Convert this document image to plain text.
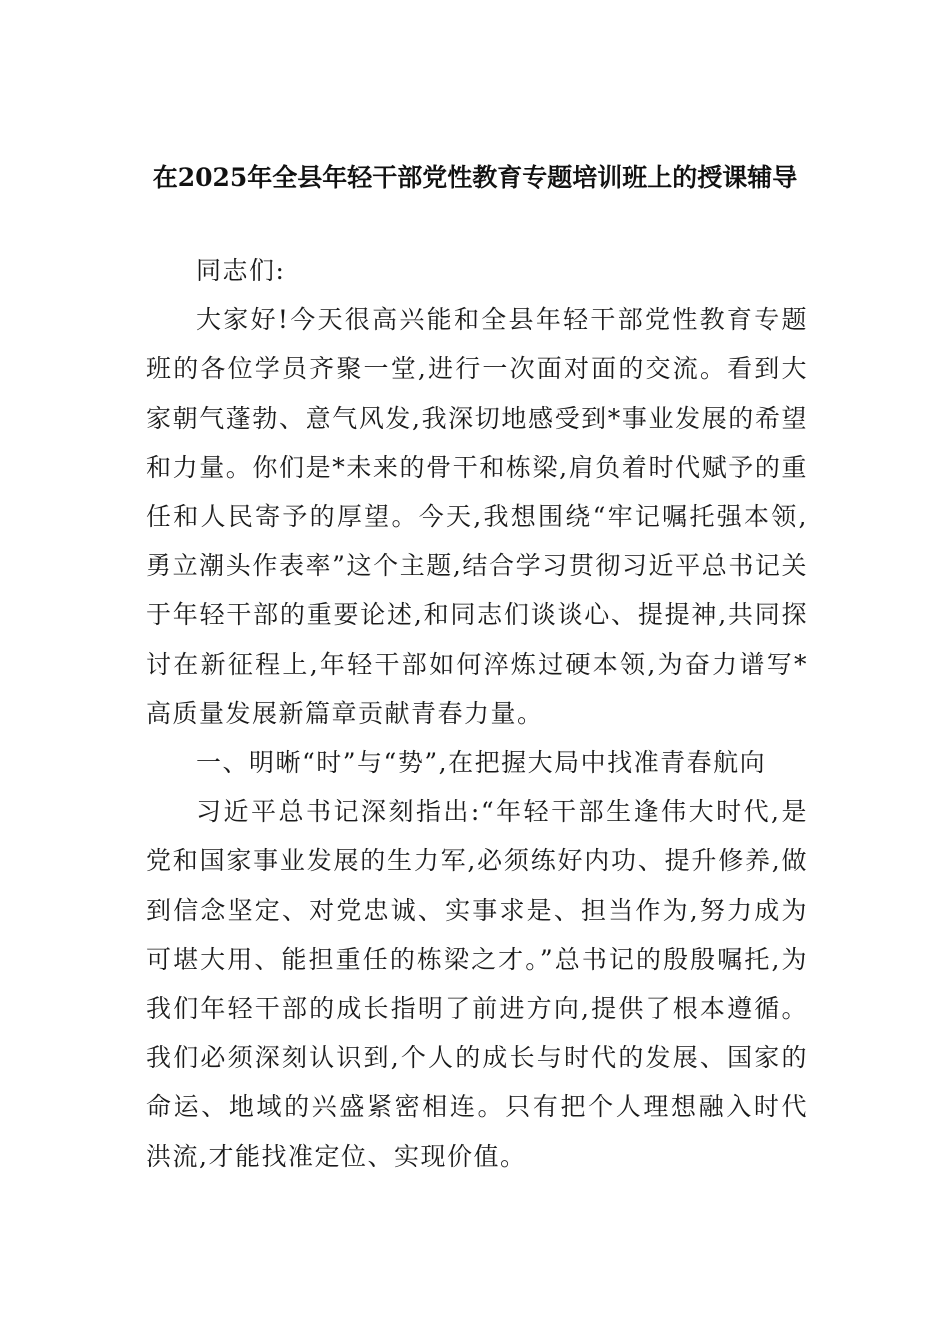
在2025年全县年轻干部党性教育专题培训班上的授课辅导

同志们:

大家好!今天很高兴能和全县年轻干部党性教育专题班的各位学员齐聚一堂,进行一次面对面的交流。看到大家朝气蓬勃、意气风发,我深切地感受到*事业发展的希望和力量。你们是*未来的骨干和栋梁,肩负着时代赋予的重任和人民寄予的厚望。今天,我想围绕“牢记嘱托强本领,勇立潮头作表率”这个主题,结合学习贯彻习近平总书记关于年轻干部的重要论述,和同志们谈谈心、提提神,共同探讨在新征程上,年轻干部如何淬炼过硬本领,为奋力谱写*高质量发展新篇章贡献青春力量。

一、明晰“时”与“势”,在把握大局中找准青春航向

习近平总书记深刻指出:“年轻干部生逢伟大时代,是党和国家事业发展的生力军,必须练好内功、提升修养,做到信念坚定、对党忠诚、实事求是、担当作为,努力成为可堪大用、能担重任的栋梁之才。”总书记的殷殷嘱托,为我们年轻干部的成长指明了前进方向,提供了根本遵循。我们必须深刻认识到,个人的成长与时代的发展、国家的命运、地域的兴盛紧密相连。只有把个人理想融入时代洪流,才能找准定位、实现价值。
